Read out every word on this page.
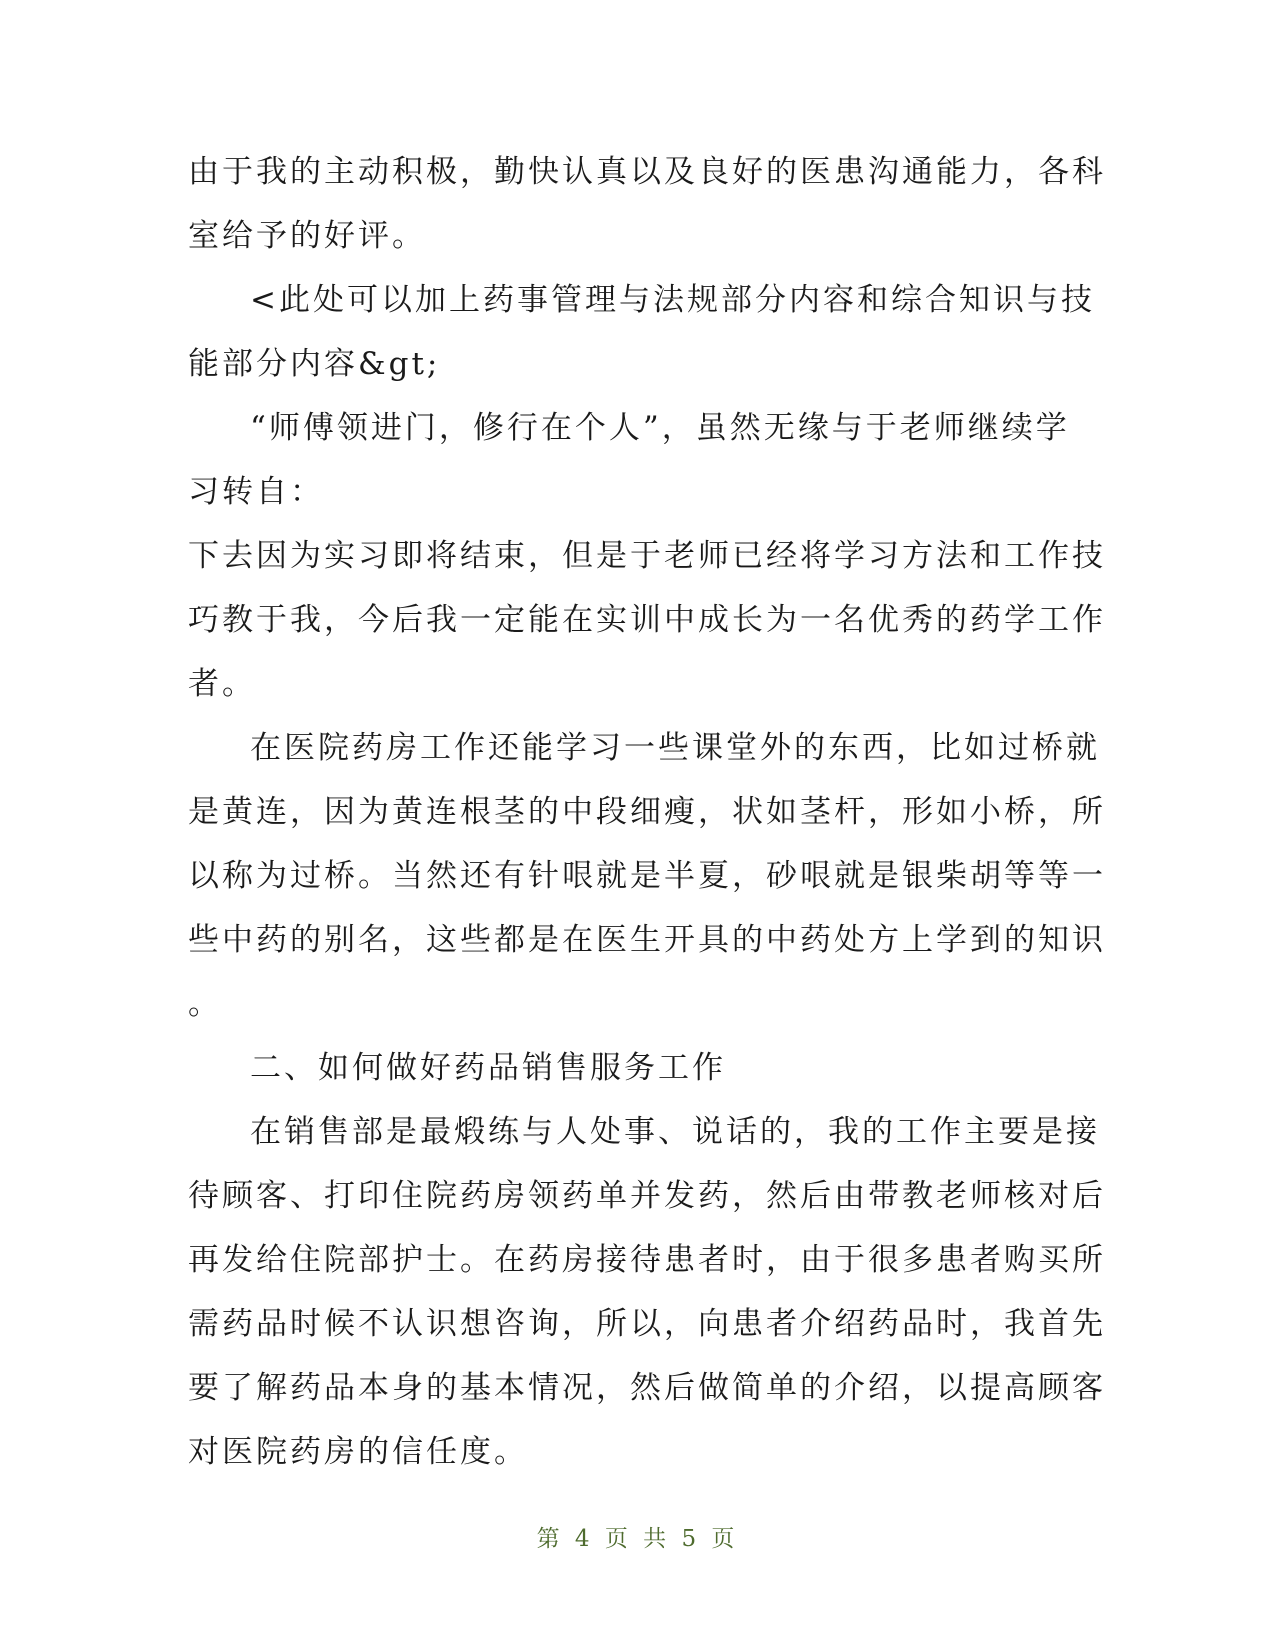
由于我的主动积极，勤快认真以及良好的医患沟通能力，各科
室给予的好评。
<此处可以加上药事管理与法规部分内容和综合知识与技
能部分内容&gt;
“师傅领进门，修行在个人”，虽然无缘与于老师继续学
习转自：
下去因为实习即将结束，但是于老师已经将学习方法和工作技
巧教于我，今后我一定能在实训中成长为一名优秀的药学工作
者。
在医院药房工作还能学习一些课堂外的东西，比如过桥就
是黄连，因为黄连根茎的中段细瘦，状如茎杆，形如小桥，所
以称为过桥。当然还有针哏就是半夏，砂哏就是银柴胡等等一
些中药的别名，这些都是在医生开具的中药处方上学到的知识
。
二、如何做好药品销售服务工作
在销售部是最煅练与人处事、说话的，我的工作主要是接
待顾客、打印住院药房领药单并发药，然后由带教老师核对后
再发给住院部护士。在药房接待患者时，由于很多患者购买所
需药品时候不认识想咨询，所以，向患者介绍药品时，我首先
要了解药品本身的基本情况，然后做简单的介绍，以提高顾客
对医院药房的信任度。
第 4 页 共 5 页
